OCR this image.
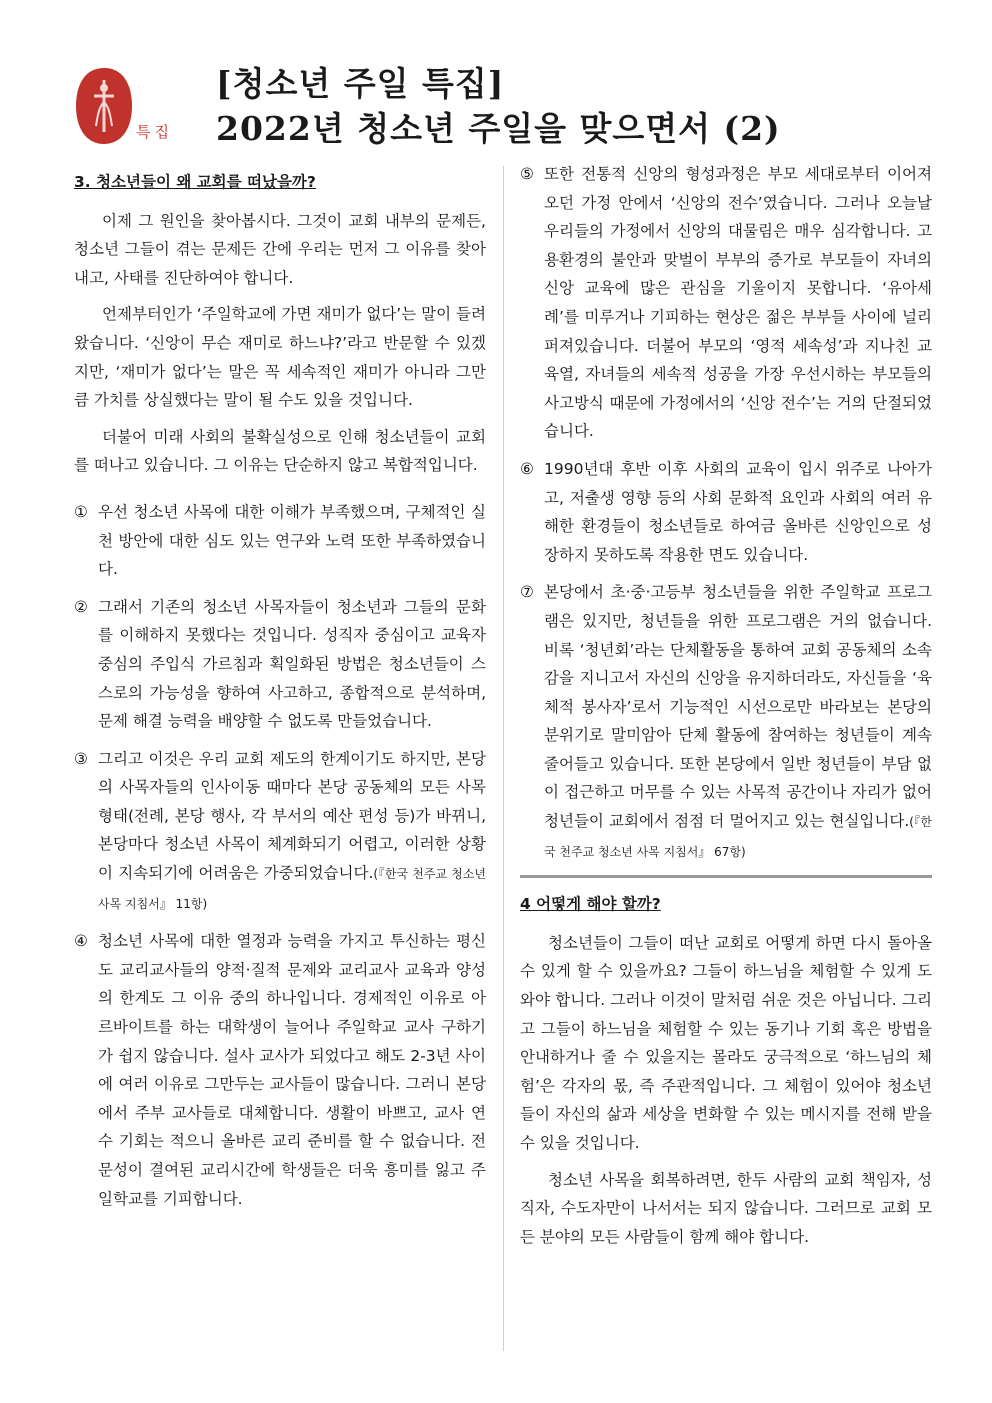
특집
[청소년 주일 특집]
2022년 청소년 주일을 맞으면서 (2)
3. 청소년들이 왜 교회를 떠났을까?

이제 그 원인을 찾아봅시다. 그것이 교회 내부의 문제든, 청소년 그들이 겪는 문제든 간에 우리는 먼저 그 이유를 찾아내고, 사태를 진단하여야 합니다.

언제부터인가 ‘주일학교에 가면 재미가 없다’는 말이 들려왔습니다. ‘신앙이 무슨 재미로 하느냐?’라고 반문할 수 있겠지만, ‘재미가 없다’는 말은 꼭 세속적인 재미가 아니라 그만큼 가치를 상실했다는 말이 될 수도 있을 것입니다.

더불어 미래 사회의 불확실성으로 인해 청소년들이 교회를 떠나고 있습니다. 그 이유는 단순하지 않고 복합적입니다.

① 우선 청소년 사목에 대한 이해가 부족했으며, 구체적인 실천 방안에 대한 심도 있는 연구와 노력 또한 부족하였습니다.
② 그래서 기존의 청소년 사목자들이 청소년과 그들의 문화를 이해하지 못했다는 것입니다. 성직자 중심이고 교육자 중심의 주입식 가르침과 획일화된 방법은 청소년들이 스스로의 가능성을 향하여 사고하고, 종합적으로 분석하며, 문제 해결 능력을 배양할 수 없도록 만들었습니다.
③ 그리고 이것은 우리 교회 제도의 한계이기도 하지만, 본당의 사목자들의 인사이동 때마다 본당 공동체의 모든 사목 형태(전례, 본당 행사, 각 부서의 예산 편성 등)가 바뀌니, 본당마다 청소년 사목이 체계화되기 어렵고, 이러한 상황이 지속되기에 어려움은 가중되었습니다.(『한국 천주교 청소년 사목 지침서』 11항)
④ 청소년 사목에 대한 열정과 능력을 가지고 투신하는 평신도 교리교사들의 양적·질적 문제와 교리교사 교육과 양성의 한계도 그 이유 중의 하나입니다. 경제적인 이유로 아르바이트를 하는 대학생이 늘어나 주일학교 교사 구하기가 쉽지 않습니다. 설사 교사가 되었다고 해도 2-3년 사이에 여러 이유로 그만두는 교사들이 많습니다. 그러니 본당에서 주부 교사들로 대체합니다. 생활이 바쁘고, 교사 연수 기회는 적으니 올바른 교리 준비를 할 수 없습니다. 전문성이 결여된 교리시간에 학생들은 더욱 흥미를 잃고 주일학교를 기피합니다.
⑤ 또한 전통적 신앙의 형성과정은 부모 세대로부터 이어져 오던 가정 안에서 ‘신앙의 전수’였습니다. 그러나 오늘날 우리들의 가정에서 신앙의 대물림은 매우 심각합니다. 고용환경의 불안과 맞벌이 부부의 증가로 부모들이 자녀의 신앙 교육에 많은 관심을 기울이지 못합니다. ‘유아세례’를 미루거나 기피하는 현상은 젊은 부부들 사이에 널리 퍼져있습니다. 더불어 부모의 ‘영적 세속성’과 지나친 교육열, 자녀들의 세속적 성공을 가장 우선시하는 부모들의 사고방식 때문에 가정에서의 ‘신앙 전수’는 거의 단절되었습니다.
⑥ 1990년대 후반 이후 사회의 교육이 입시 위주로 나아가고, 저출생 영향 등의 사회 문화적 요인과 사회의 여러 유해한 환경들이 청소년들로 하여금 올바른 신앙인으로 성장하지 못하도록 작용한 면도 있습니다.
⑦ 본당에서 초·중·고등부 청소년들을 위한 주일학교 프로그램은 있지만, 청년들을 위한 프로그램은 거의 없습니다. 비록 ‘청년회’라는 단체활동을 통하여 교회 공동체의 소속감을 지니고서 자신의 신앙을 유지하더라도, 자신들을 ‘육체적 봉사자’로서 기능적인 시선으로만 바라보는 본당의 분위기로 말미암아 단체 활동에 참여하는 청년들이 계속 줄어들고 있습니다. 또한 본당에서 일반 청년들이 부담 없이 접근하고 머무를 수 있는 사목적 공간이나 자리가 없어 청년들이 교회에서 점점 더 멀어지고 있는 현실입니다.(『한국 천주교 청소년 사목 지침서』 67항)
4 어떻게 해야 할까?

청소년들이 그들이 떠난 교회로 어떻게 하면 다시 돌아올 수 있게 할 수 있을까요? 그들이 하느님을 체험할 수 있게 도와야 합니다. 그러나 이것이 말처럼 쉬운 것은 아닙니다. 그리고 그들이 하느님을 체험할 수 있는 동기나 기회 혹은 방법을 안내하거나 줄 수 있을지는 몰라도 궁극적으로 ‘하느님의 체험’은 각자의 몫, 즉 주관적입니다. 그 체험이 있어야 청소년들이 자신의 삶과 세상을 변화할 수 있는 메시지를 전해 받을 수 있을 것입니다.

청소년 사목을 회복하려면, 한두 사람의 교회 책임자, 성직자, 수도자만이 나서서는 되지 않습니다. 그러므로 교회 모든 분야의 모든 사람들이 함께 해야 합니다.
